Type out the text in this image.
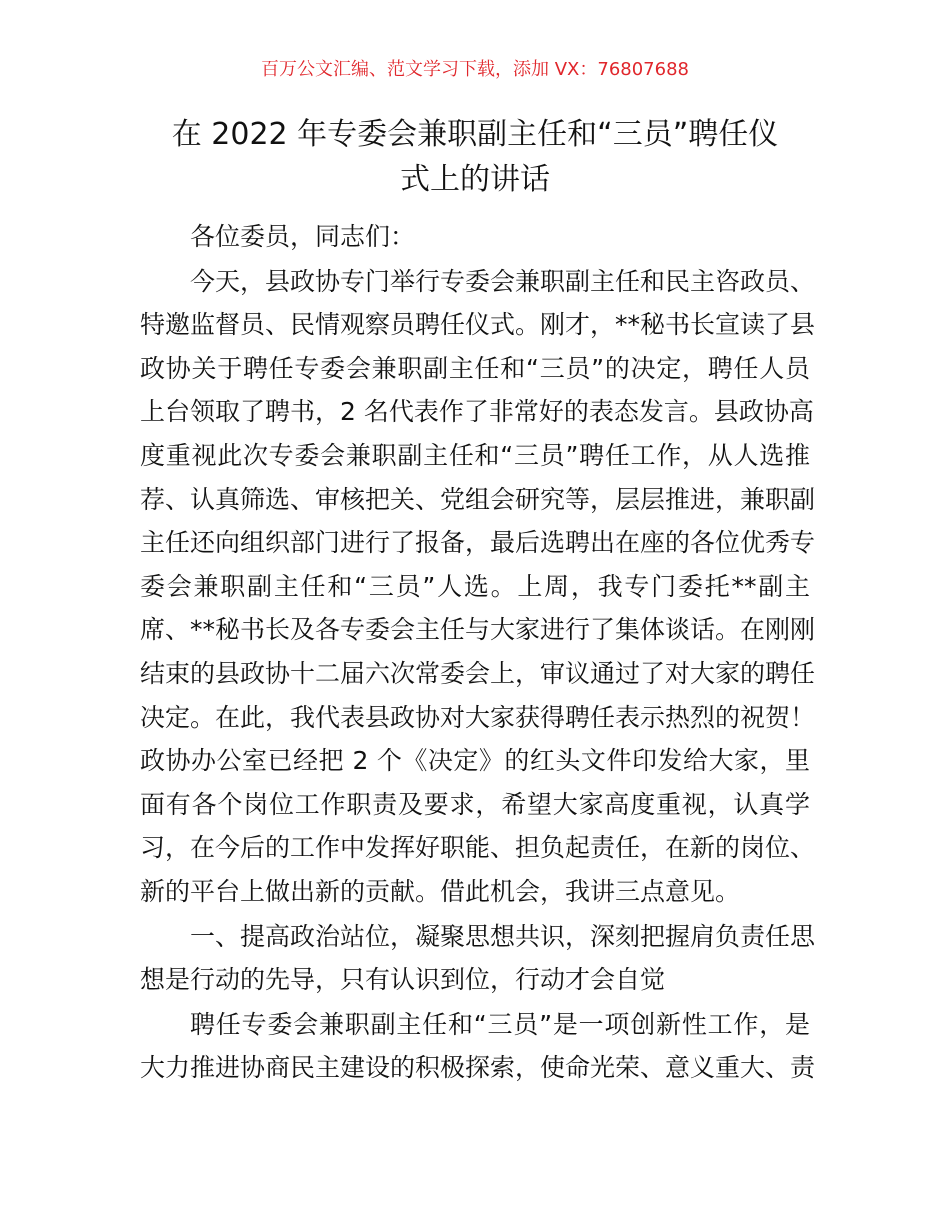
百万公文汇编、范文学习下载，添加 VX：76807688
在 2022 年专委会兼职副主任和“三员”聘任仪
式上的讲话
各位委员，同志们：
今天，县政协专门举行专委会兼职副主任和民主咨政员、
特邀监督员、民情观察员聘任仪式。刚才，**秘书长宣读了县
政协关于聘任专委会兼职副主任和“三员”的决定，聘任人员
上台领取了聘书，2 名代表作了非常好的表态发言。县政协高
度重视此次专委会兼职副主任和“三员”聘任工作，从人选推
荐、认真筛选、审核把关、党组会研究等，层层推进，兼职副
主任还向组织部门进行了报备，最后选聘出在座的各位优秀专
委会兼职副主任和“三员”人选。上周，我专门委托**副主
席、**秘书长及各专委会主任与大家进行了集体谈话。在刚刚
结束的县政协十二届六次常委会上，审议通过了对大家的聘任
决定。在此，我代表县政协对大家获得聘任表示热烈的祝贺！
政协办公室已经把 2 个《决定》的红头文件印发给大家，里
面有各个岗位工作职责及要求，希望大家高度重视，认真学
习，在今后的工作中发挥好职能、担负起责任，在新的岗位、
新的平台上做出新的贡献。借此机会，我讲三点意见。
一、提高政治站位，凝聚思想共识，深刻把握肩负责任思
想是行动的先导，只有认识到位，行动才会自觉
聘任专委会兼职副主任和“三员”是一项创新性工作，是
大力推进协商民主建设的积极探索，使命光荣、意义重大、责
